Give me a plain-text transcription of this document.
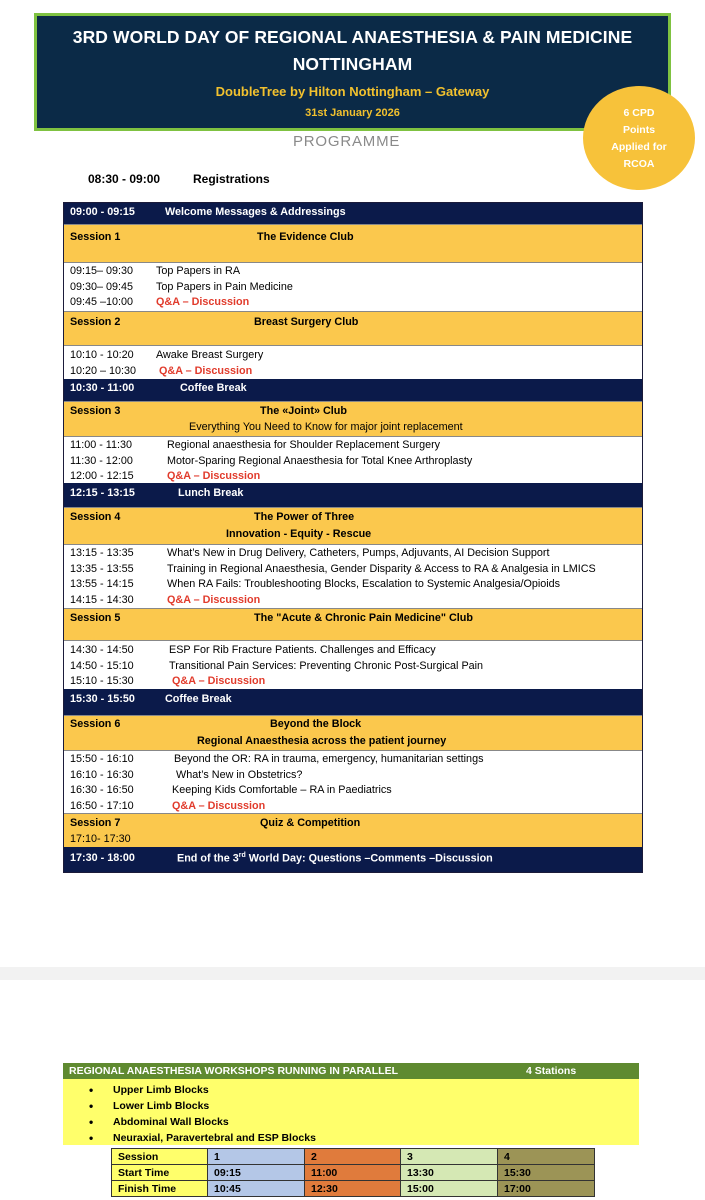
3RD WORLD DAY OF REGIONAL ANAESTHESIA & PAIN MEDICINE
NOTTINGHAM
DoubleTree by Hilton Nottingham – Gateway
31st January 2026	6 CPD
Points
Applied for
RCOA
PROGRAMME
08:30 - 09:00	Registrations
09:00 - 09:15	Welcome Messages & Addressings
Session 1	The Evidence Club
09:15– 09:30 Top Papers in RA
09:30– 09:45 Top Papers in Pain Medicine
09:45 –10:00 Q&A – Discussion
Session 2	Breast Surgery Club
10:10 - 10:20 Awake Breast Surgery
10:20 – 10:30 Q&A – Discussion
10:30 - 11:00	Coffee Break
Session 3	The «Joint» Club
Everything You Need to Know for major joint replacement
11:00 - 11:30	Regional anaesthesia for Shoulder Replacement Surgery
11:30 - 12:00	Motor-Sparing Regional Anaesthesia for Total Knee Arthroplasty
12:00 - 12:15	Q&A – Discussion
12:15 - 13:15	Lunch Break
Session 4	The Power of Three
Innovation - Equity - Rescue
13:15 - 13:35	What’s New in Drug Delivery, Catheters, Pumps, Adjuvants, AI Decision Support
13:35 - 13:55	Training in Regional Anaesthesia, Gender Disparity & Access to RA & Analgesia in LMICS
13:55 - 14:15	When RA Fails: Troubleshooting Blocks, Escalation to Systemic Analgesia/Opioids
14:15 - 14:30	Q&A – Discussion
Session 5	The "Acute & Chronic Pain Medicine" Club
14:30 - 14:50	ESP For Rib Fracture Patients. Challenges and Efficacy
14:50 - 15:10	Transitional Pain Services: Preventing Chronic Post-Surgical Pain
15:10 - 15:30	Q&A – Discussion
15:30 - 15:50	Coffee Break
Session 6	Beyond the Block
Regional Anaesthesia across the patient journey
15:50 - 16:10	Beyond the OR: RA in trauma, emergency, humanitarian settings
16:10 - 16:30	What’s New in Obstetrics?
16:30 - 16:50	Keeping Kids Comfortable – RA in Paediatrics
16:50 - 17:10	Q&A – Discussion
Session 7	Quiz & Competition
17:10- 17:30
17:30 - 18:00	End of the 3rd World Day: Questions –Comments –Discussion
REGIONAL ANAESTHESIA WORKSHOPS RUNNING IN PARALLEL	4 Stations
• Upper Limb Blocks
• Lower Limb Blocks
• Abdominal Wall Blocks
• Neuraxial, Paravertebral and ESP Blocks
Session	1	2	3	4
Start Time	09:15	11:00	13:30	15:30
Finish Time	10:45	12:30	15:00	17:00
